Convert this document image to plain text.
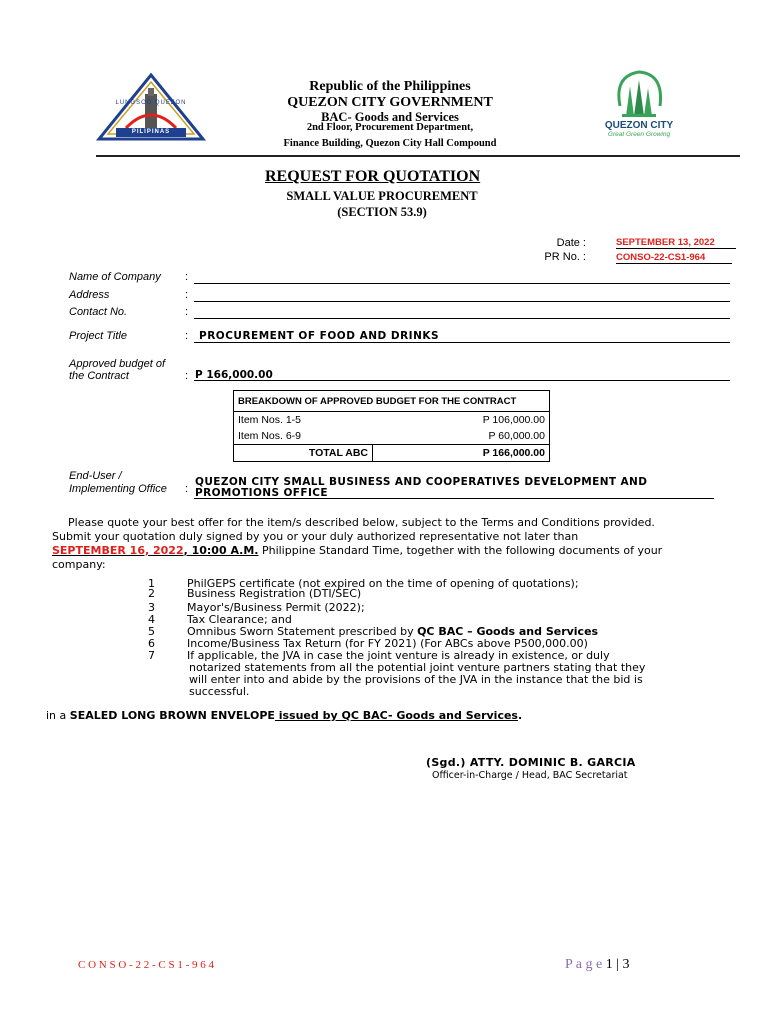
LUNGSOD QUEZON
PILIPINAS
Republic of the Philippines
QUEZON CITY GOVERNMENT
BAC- Goods and Services
2nd Floor, Procurement Department,
Finance Building, Quezon City Hall Compound
QUEZON CITY
Great Green Growing
REQUEST FOR QUOTATION
SMALL VALUE PROCUREMENT
(SECTION 53.9)
Date :	SEPTEMBER 13, 2022
PR No. :	CONSO-22-CS1-964
Name of Company :
Address	:
Contact No.	:
Project Title	: PROCUREMENT OF FOOD AND DRINKS
Approved budget of
the Contract	: P 166,000.00
BREAKDOWN OF APPROVED BUDGET FOR THE CONTRACT	
Item Nos. 1-5	P 106,000.00
Item Nos. 6-9	P 60,000.00
TOTAL ABC	P 166,000.00
End-User /
Implementing Office :
QUEZON CITY SMALL BUSINESS AND COOPERATIVES DEVELOPMENT AND
PROMOTIONS OFFICE
Please quote your best offer for the item/s described below, subject to the Terms and Conditions provided.
Submit your quotation duly signed by you or your duly authorized representative not later than
SEPTEMBER 16, 2022, 10:00 A.M. Philippine Standard Time, together with the following documents of your
company:
1	PhilGEPS certificate (not expired on the time of opening of quotations);
2	Business Registration (DTI/SEC)
3	Mayor's/Business Permit (2022);
4	Tax Clearance; and
5	Omnibus Sworn Statement prescribed by QC BAC – Goods and Services
6	Income/Business Tax Return (for FY 2021) (For ABCs above P500,000.00)
7	If applicable, the JVA in case the joint venture is already in existence, or duly
notarized statements from all the potential joint venture partners stating that they
will enter into and abide by the provisions of the JVA in the instance that the bid is
successful.
in a SEALED LONG BROWN ENVELOPE issued by QC BAC- Goods and Services.
(Sgd.) ATTY. DOMINIC B. GARCIA
Officer-in-Charge / Head, BAC Secretariat
C O N S O - 2 2 - C S 1 - 9 6 4	P a g e 1 | 3
